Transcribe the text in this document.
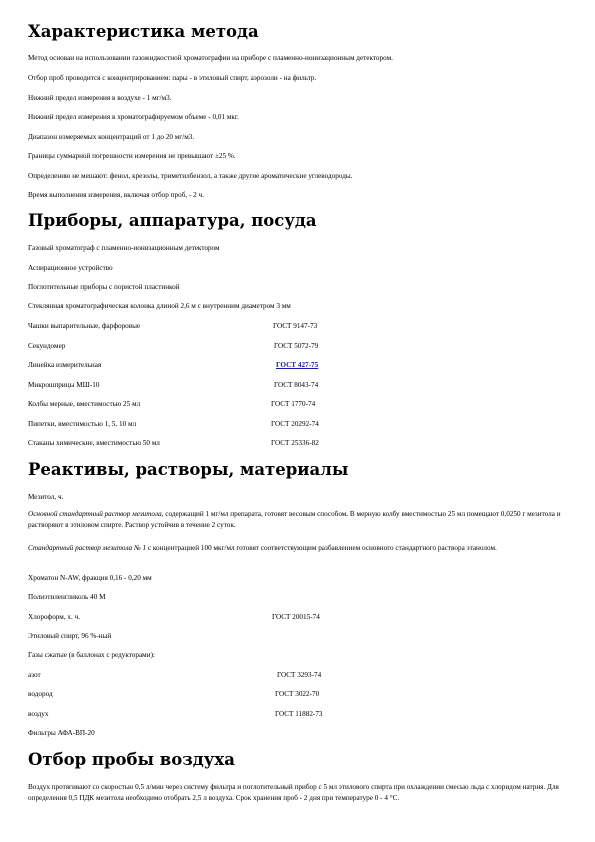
Характеристика метода

Метод основан на использовании газожидкостной хроматографии на приборе с пламенно-ионизационным детектором.

Отбор проб проводится с концентрированием: пары - в этиловый спирт, аэрозоли - на фильтр.

Нижний предел измерения в воздухе - 1 мг/м3.

Нижний предел измерения в хроматографируемом объеме - 0,01 мкг.

Диапазон измеряемых концентраций от 1 до 20 мг/м3.

Границы суммарной погрешности измерения не превышают ±25 %.

Определению не мешают: фенол, крезолы, триметилбензол, а также другие ароматические углеводороды.

Время выполнения измерения, включая отбор проб, - 2 ч.

Приборы, аппаратура, посуда

Газовый хроматограф с пламенно-ионизационным детектором

Аспирационное устройство

Поглотительные приборы с пористой пластинкой

Стеклянная хроматографическая колонка длиной 2,6 м с внутренним диаметром 3 мм

Чашки выпарительные, фарфоровые	ГОСТ 9147-73

Секундомер	ГОСТ 5072-79

Линейка измерительная	ГОСТ 427-75

Микрошприцы МШ-10	ГОСТ 8043-74

Колбы мерные, вместимостью 25 мл	ГОСТ 1770-74

Пипетки, вместимостью 1, 5, 10 мл	ГОСТ 20292-74

Стаканы химические, вместимостью 50 мл	ГОСТ 25336-82

Реактивы, растворы, материалы

Мезитол, ч.

Основной стандартный раствор мезитола, содержащий 1 мг/мл препарата, готовят весовым способом. В мерную колбу вместимостью 25 мл помещают 0,0250 г мезитола и растворяют в этиловом спирте. Раствор устойчив в течение 2 суток.

Стандартный раствор мезитола № 1 с концентрацией 100 мкг/мл готовят соответствующим разбавлением основного стандартного раствора этанолом.

Хроматон N-AW, фракция 0,16 - 0,20 мм

Полиэтиленгликоль 40 М

Хлороформ, х. ч.	ГОСТ 20015-74

Этиловый спирт, 96 %-ный

Газы сжатые (в баллонах с редукторами):

азот	ГОСТ 3293-74

водород	ГОСТ 3022-70

воздух	ГОСТ 11882-73

Фильтры АФА-ВП-20

Отбор пробы воздуха

Воздух протягивают со скоростью 0,5 л/мин через систему фильтра и поглотительный прибор с 5 мл этилового спирта при охлаждении смесью льда с хлоридом натрия. Для определения 0,5 ПДК мезитола необходимо отобрать 2,5 л воздуха. Срок хранения проб - 2 дня при температуре 0 - 4 °С.
